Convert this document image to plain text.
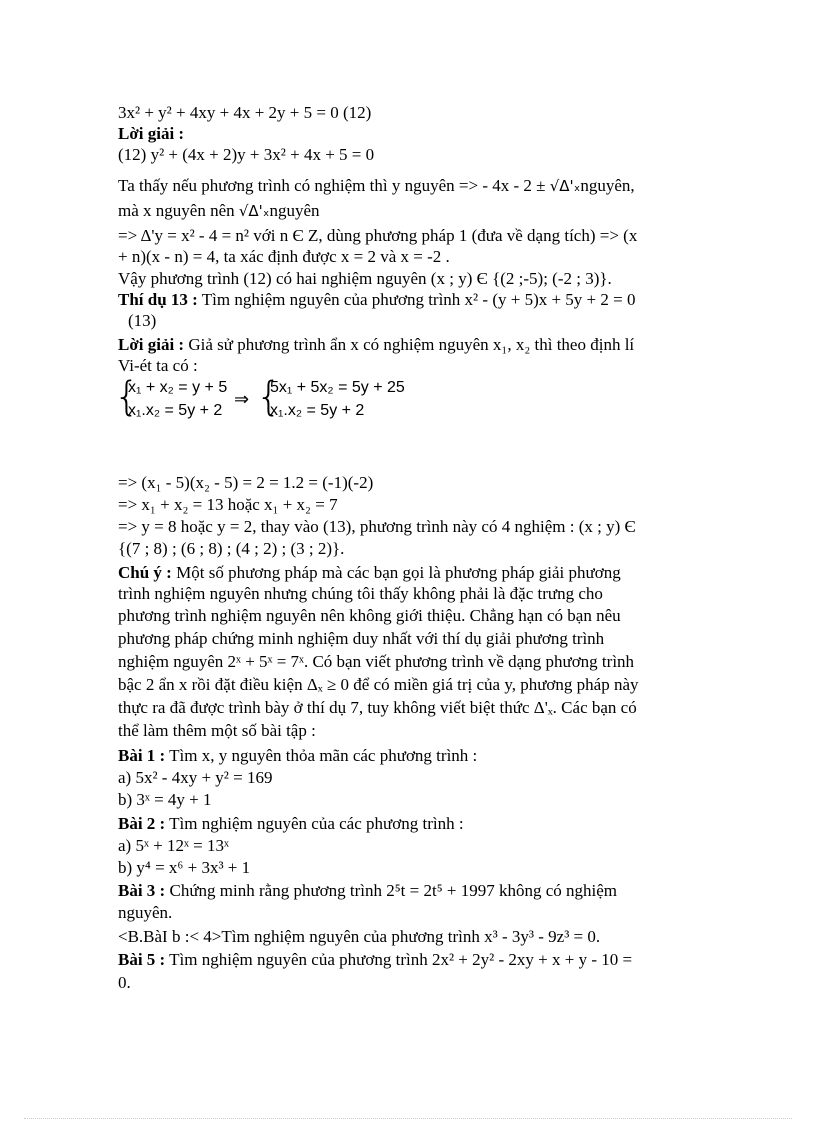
3x² + y² + 4xy + 4x + 2y + 5 = 0 (12)
Lời giải :
(12) y² + (4x + 2)y + 3x² + 4x + 5 = 0
Ta thấy nếu phương trình có nghiệm thì y nguyên => - 4x - 2 ± √Δ'ₓnguyên,
mà x nguyên nên √Δ'ₓnguyên
=> Δ'y = x² - 4 = n² với n Є Z, dùng phương pháp 1 (đưa về dạng tích) => (x
+ n)(x - n) = 4, ta xác định được x = 2 và x = -2 .
Vậy phương trình (12) có hai nghiệm nguyên (x ; y) Є {(2 ;-5); (-2 ; 3)}.
Thí dụ 13 : Tìm nghiệm nguyên của phương trình x² - (y + 5)x + 5y + 2 = 0
(13)
Lời giải : Giả sử phương trình ẩn x có nghiệm nguyên x₁, x₂ thì theo định lí
Vi-ét ta có :
{
x₁ + x₂ = y + 5
x₁.x₂ = 5y + 2
⇒ {
5x₁ + 5x₂ = 5y + 25
x₁.x₂ = 5y + 2
=> (x₁ - 5)(x₂ - 5) = 2 = 1.2 = (-1)(-2)
=> x₁ + x₂ = 13 hoặc x₁ + x₂ = 7
=> y = 8 hoặc y = 2, thay vào (13), phương trình này có 4 nghiệm : (x ; y) Є
{(7 ; 8) ; (6 ; 8) ; (4 ; 2) ; (3 ; 2)}.
Chú ý : Một số phương pháp mà các bạn gọi là phương pháp giải phương
trình nghiệm nguyên nhưng chúng tôi thấy không phải là đặc trưng cho
phương trình nghiệm nguyên nên không giới thiệu. Chẳng hạn có bạn nêu
phương pháp chứng minh nghiệm duy nhất với thí dụ giải phương trình
nghiệm nguyên 2ˣ + 5ˣ = 7ˣ. Có bạn viết phương trình về dạng phương trình
bậc 2 ẩn x rồi đặt điều kiện Δₓ ≥ 0 để có miền giá trị của y, phương pháp này
thực ra đã được trình bày ở thí dụ 7, tuy không viết biệt thức Δ'ₓ. Các bạn có
thể làm thêm một số bài tập :
Bài 1 : Tìm x, y nguyên thỏa mãn các phương trình :
a) 5x² - 4xy + y² = 169
b) 3ˣ = 4y + 1
Bài 2 : Tìm nghiệm nguyên của các phương trình :
a) 5ˣ + 12ˣ = 13ˣ
b) y⁴ = x⁶ + 3x³ + 1
Bài 3 : Chứng minh rằng phương trình 2⁵t = 2t⁵ + 1997 không có nghiệm
nguyên.
<B.BàI b :< 4>Tìm nghiệm nguyên của phương trình x³ - 3y³ - 9z³ = 0.
Bài 5 : Tìm nghiệm nguyên của phương trình 2x² + 2y² - 2xy + x + y - 10 =
0.
